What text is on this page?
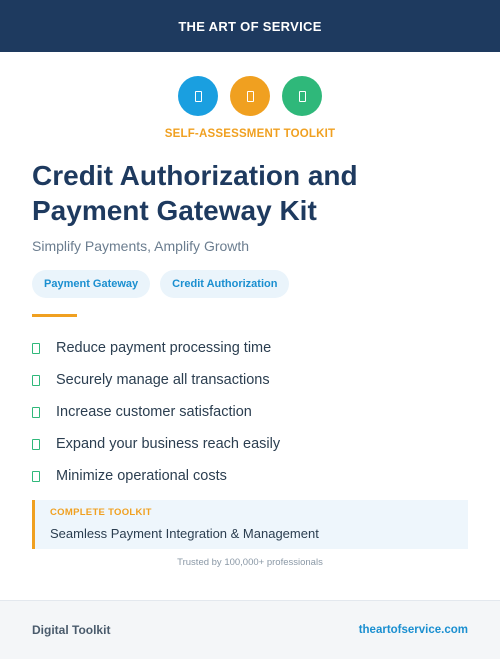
THE ART OF SERVICE
SELF-ASSESSMENT TOOLKIT
Credit Authorization and Payment Gateway Kit
Simplify Payments, Amplify Growth
Payment Gateway	Credit Authorization
Reduce payment processing time
Securely manage all transactions
Increase customer satisfaction
Expand your business reach easily
Minimize operational costs
COMPLETE TOOLKIT
Seamless Payment Integration & Management
Trusted by 100,000+ professionals
Digital Toolkit	theartofservice.com
